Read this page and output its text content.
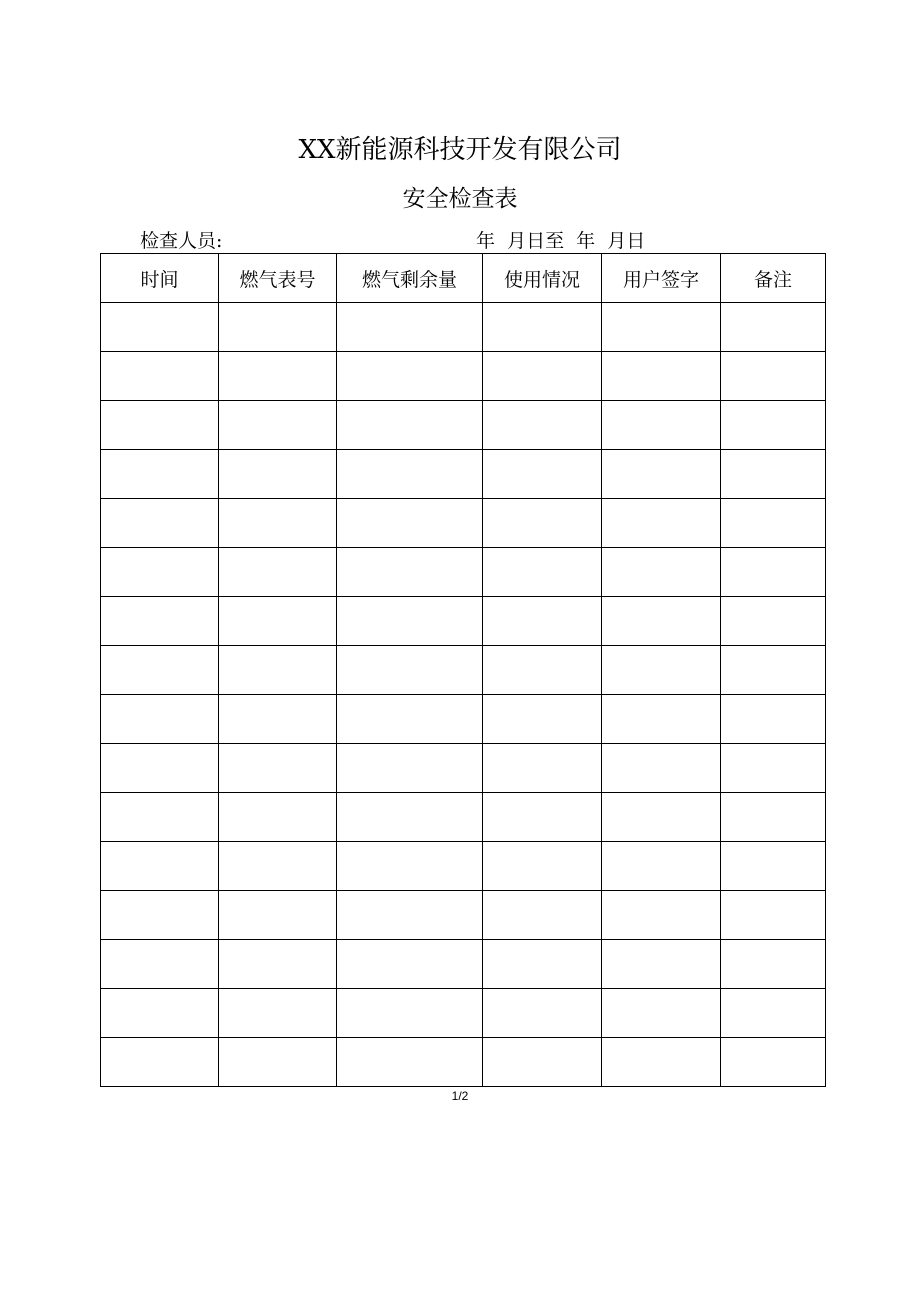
XX新能源科技开发有限公司
安全检查表
检查人员:	年  月日至  年  月日
时间	燃气表号	燃气剩余量	使用情况	用户签字	备注

1/2
